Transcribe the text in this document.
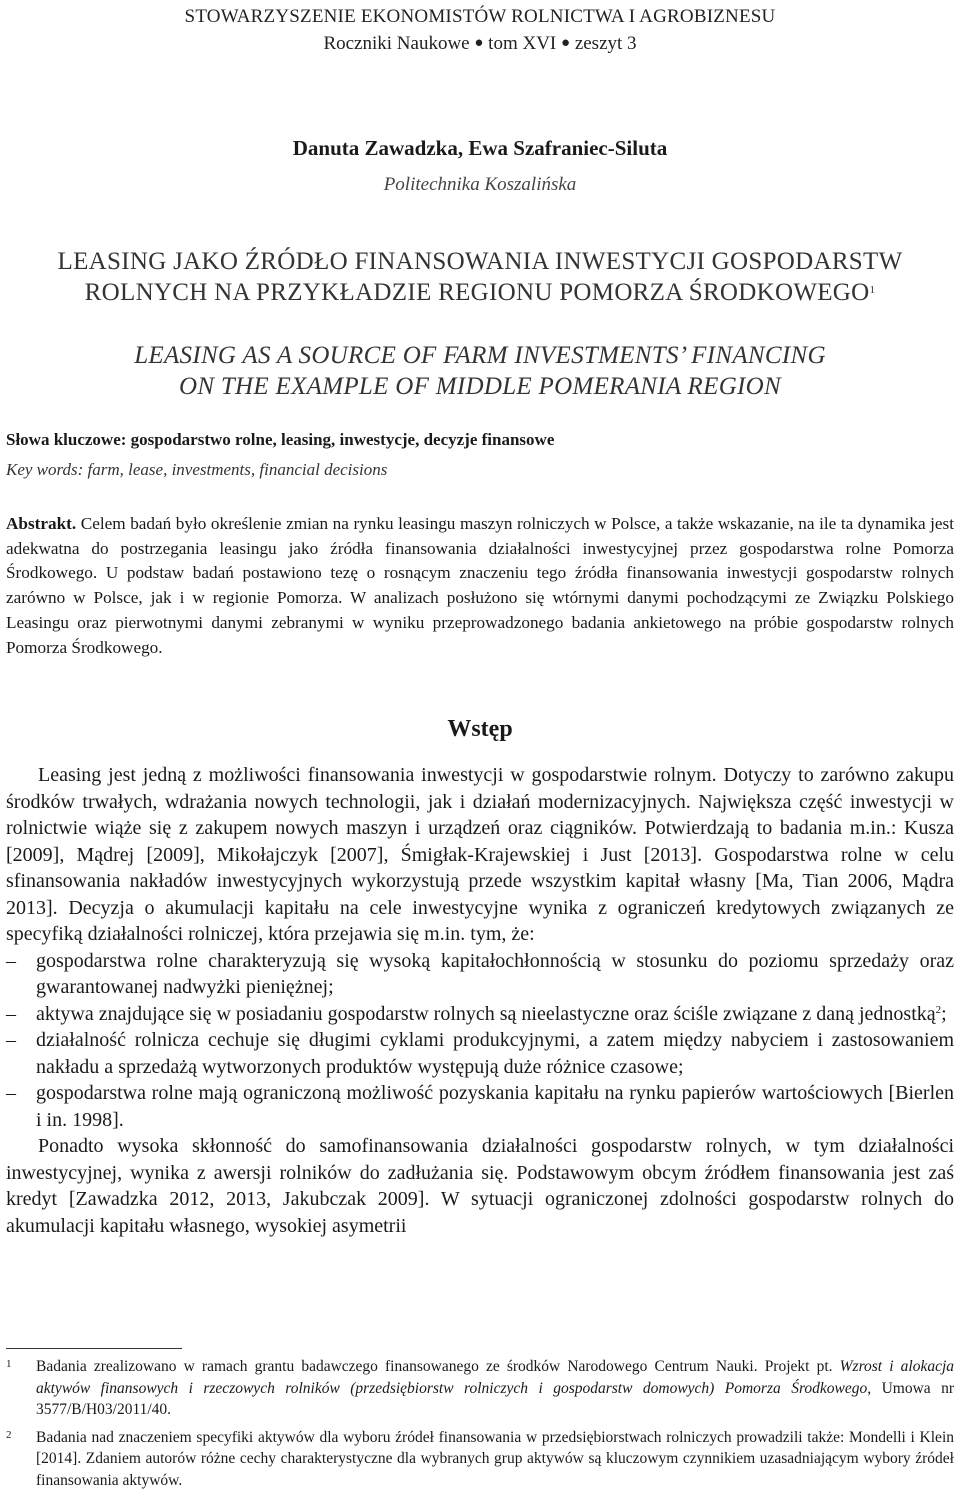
STOWARZYSZENIE EKONOMISTÓW ROLNICTWA I AGROBIZNESU
Roczniki Naukowe ● tom XVI ● zeszyt 3
Danuta Zawadzka, Ewa Szafraniec-Siluta
Politechnika Koszalińska
LEASING JAKO ŹRÓDŁO FINANSOWANIA INWESTYCJI GOSPODARSTW
ROLNYCH NA PRZYKŁADZIE REGIONU POMORZA ŚRODKOWEGO$^1$
LEASING AS A SOURCE OF FARM INVESTMENTS’ FINANCING
ON THE EXAMPLE OF MIDDLE POMERANIA REGION
Słowa kluczowe: gospodarstwo rolne, leasing, inwestycje, decyzje finansowe
Key words: farm, lease, investments, financial decisions
Abstrakt. Celem badań było określenie zmian na rynku leasingu maszyn rolniczych w Polsce, a także wskazanie, na ile ta dynamika jest adekwatna do postrzegania leasingu jako źródła finansowania działalności inwestycyjnej przez gospodarstwa rolne Pomorza Środkowego. U podstaw badań postawiono tezę o rosnącym znaczeniu tego źródła finansowania inwestycji gospodarstw rolnych zarówno w Polsce, jak i w regionie Pomorza. W analizach posłużono się wtórnymi danymi pochodzącymi ze Związku Polskiego Leasingu oraz pierwotnymi danymi zebranymi w wyniku przeprowadzonego badania ankietowego na próbie gospodarstw rolnych Pomorza Środkowego.
Wstęp

Leasing jest jedną z możliwości finansowania inwestycji w gospodarstwie rolnym. Dotyczy to zarówno zakupu środków trwałych, wdrażania nowych technologii, jak i działań modernizacyjnych. Największa część inwestycji w rolnictwie wiąże się z zakupem nowych maszyn i urządzeń oraz ciągników. Potwierdzają to badania m.in.: Kusza [2009], Mądrej [2009], Mikołajczyk [2007], Śmigłak-Krajewskiej i Just [2013]. Gospodarstwa rolne w celu sfinansowania nakładów inwestycyjnych wykorzystują przede wszystkim kapitał własny [Ma, Tian 2006, Mądra 2013]. Decyzja o akumulacji kapitału na cele inwestycyjne wynika z ograniczeń kredytowych związanych ze specyfiką działalności rolniczej, która przejawia się m.in. tym, że:

– gospodarstwa rolne charakteryzują się wysoką kapitałochłonnością w stosunku do poziomu sprzedaży oraz gwarantowanej nadwyżki pieniężnej;
– aktywa znajdujące się w posiadaniu gospodarstw rolnych są nieelastyczne oraz ściśle związane z daną jednostką$^2$;
– działalność rolnicza cechuje się długimi cyklami produkcyjnymi, a zatem między nabyciem i zastosowaniem nakładu a sprzedażą wytworzonych produktów występują duże różnice czasowe;
– gospodarstwa rolne mają ograniczoną możliwość pozyskania kapitału na rynku papierów wartościowych [Bierlen i in. 1998].

Ponadto wysoka skłonność do samofinansowania działalności gospodarstw rolnych, w tym działalności inwestycyjnej, wynika z awersji rolników do zadłużania się. Podstawowym obcym źródłem finansowania jest zaś kredyt [Zawadzka 2012, 2013, Jakubczak 2009]. W sytuacji ograniczonej zdolności gospodarstw rolnych do akumulacji kapitału własnego, wysokiej asymetrii

1 Badania zrealizowano w ramach grantu badawczego finansowanego ze środków Narodowego Centrum Nauki. Projekt pt. Wzrost i alokacja aktywów finansowych i rzeczowych rolników (przedsiębiorstw rolniczych i gospodarstw domowych) Pomorza Środkowego, Umowa nr 3577/B/H03/2011/40.
2 Badania nad znaczeniem specyfiki aktywów dla wyboru źródeł finansowania w przedsiębiorstwach rolniczych prowadzili także: Mondelli i Klein [2014]. Zdaniem autorów różne cechy charakterystyczne dla wybranych grup aktywów są kluczowym czynnikiem uzasadniającym wybory źródeł finansowania aktywów.
